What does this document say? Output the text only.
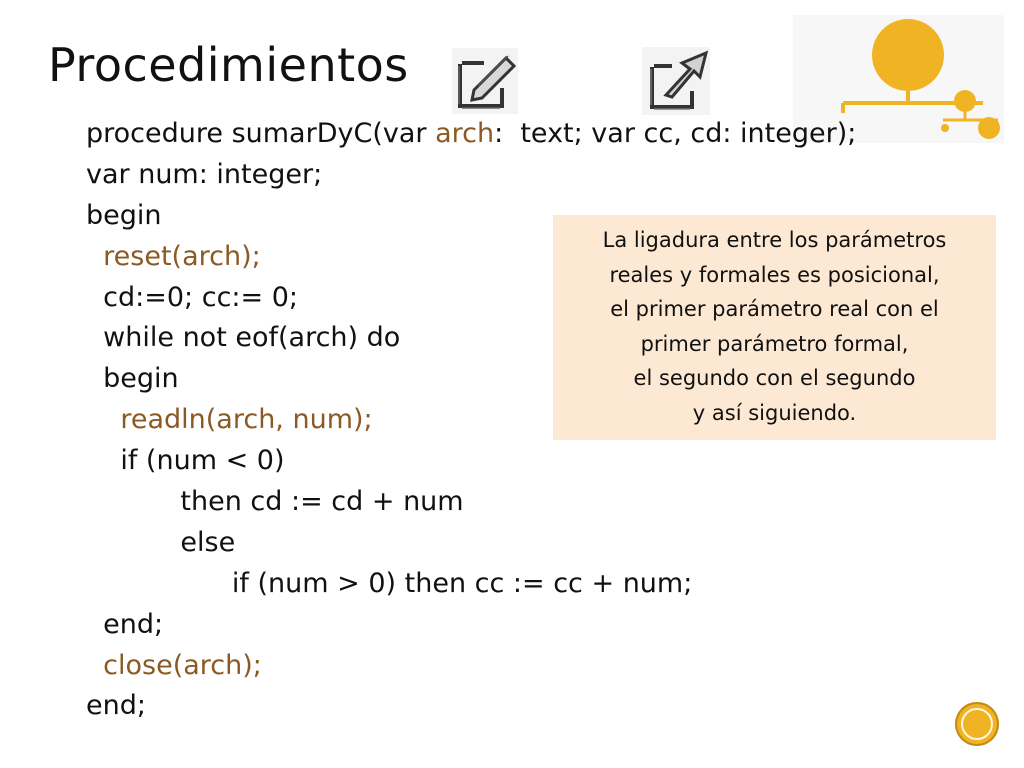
Procedimientos
procedure sumarDyC(var arch:  text; var cc, cd: integer);
var num: integer;
begin
reset(arch);
cd:=0; cc:= 0;
while not eof(arch) do
begin
readln(arch, num);
if (num < 0)
then cd := cd + num
else
if (num > 0) then cc := cc + num;
end;
close(arch);
end;
La ligadura entre los parámetros
reales y formales es posicional,
el primer parámetro real con el
primer parámetro formal,
el segundo con el segundo
y así siguiendo.
